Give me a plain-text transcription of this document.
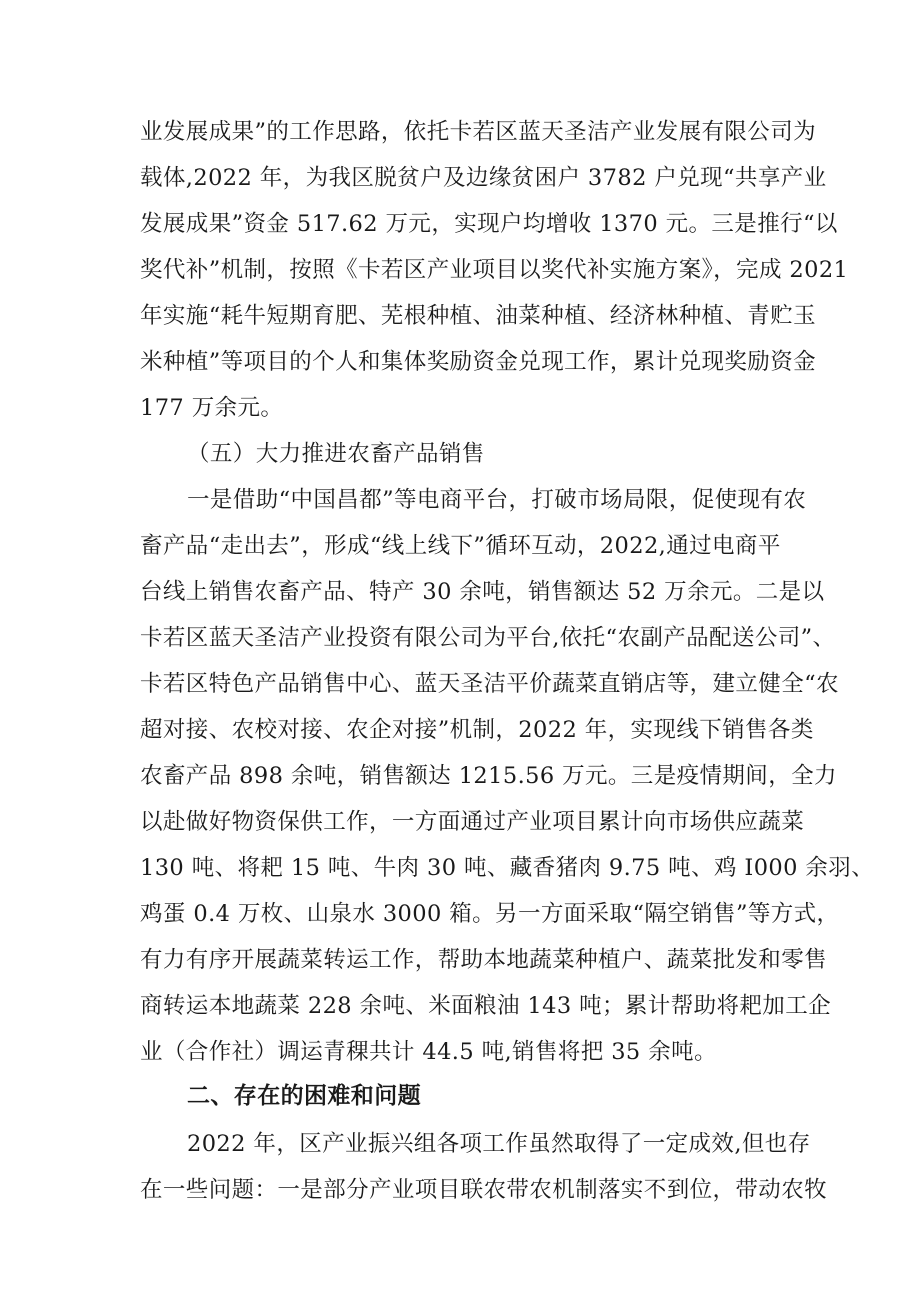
业发展成果”的工作思路，依托卡若区蓝天圣洁产业发展有限公司为
载体,2022 年，为我区脱贫户及边缘贫困户 3782 户兑现“共享产业
发展成果”资金 517.62 万元，实现户均增收 1370 元。三是推行“以
奖代补”机制，按照《卡若区产业项目以奖代补实施方案》，完成 2021
年实施“耗牛短期育肥、芜根种植、油菜种植、经济林种植、青贮玉
米种植”等项目的个人和集体奖励资金兑现工作，累计兑现奖励资金
177 万余元。
（五）大力推进农畜产品销售
一是借助“中国昌都”等电商平台，打破市场局限，促使现有农
畜产品“走出去”，形成“线上线下”循环互动，2022,通过电商平
台线上销售农畜产品、特产 30 余吨，销售额达 52 万余元。二是以
卡若区蓝天圣洁产业投资有限公司为平台,依托“农副产品配送公司”、
卡若区特色产品销售中心、蓝天圣洁平价蔬菜直销店等，建立健全“农
超对接、农校对接、农企对接”机制，2022 年，实现线下销售各类
农畜产品 898 余吨，销售额达 1215.56 万元。三是疫情期间，全力
以赴做好物资保供工作，一方面通过产业项目累计向市场供应蔬菜
130 吨、将耙 15 吨、牛肉 30 吨、藏香猪肉 9.75 吨、鸡 I000 余羽、
鸡蛋 0.4 万枚、山泉水 3000 箱。另一方面采取“隔空销售”等方式，
有力有序开展蔬菜转运工作，帮助本地蔬菜种植户、蔬菜批发和零售
商转运本地蔬菜 228 余吨、米面粮油 143 吨；累计帮助将耙加工企
业（合作社）调运青稞共计 44.5 吨,销售将把 35 余吨。
二、存在的困难和问题
2022 年，区产业振兴组各项工作虽然取得了一定成效,但也存
在一些问题：一是部分产业项目联农带农机制落实不到位，带动农牧
